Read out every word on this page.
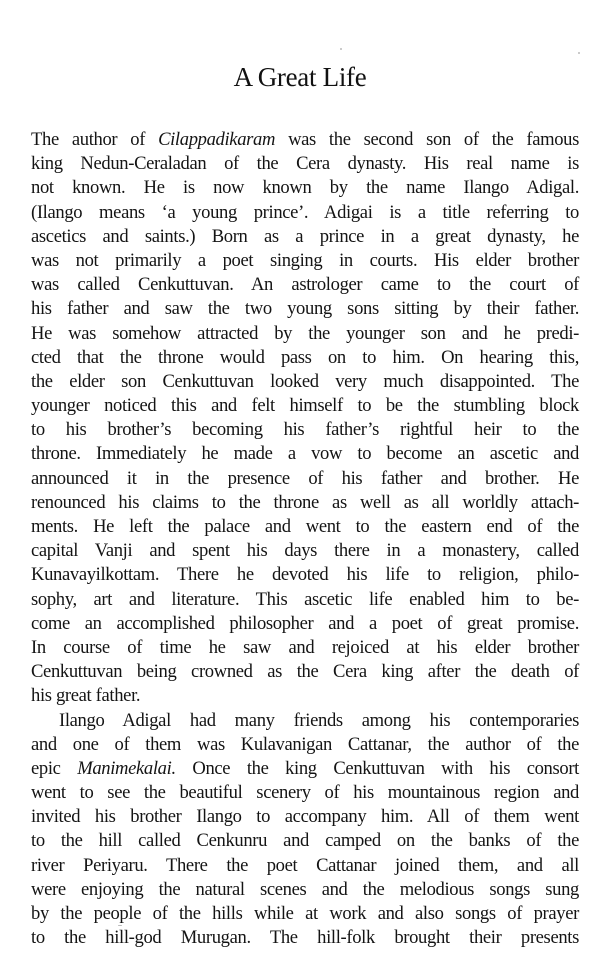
A Great Life
The author of Cilappadikaram was the second son of the famous
king Nedun-Ceraladan of the Cera dynasty. His real name is
not known. He is now known by the name Ilango Adigal.
(Ilango means ‘a young prince’. Adigai is a title referring to
ascetics and saints.) Born as a prince in a great dynasty, he
was not primarily a poet singing in courts. His elder brother
was called Cenkuttuvan. An astrologer came to the court of
his father and saw the two young sons sitting by their father.
He was somehow attracted by the younger son and he predi-
cted that the throne would pass on to him. On hearing this,
the elder son Cenkuttuvan looked very much disappointed. The
younger noticed this and felt himself to be the stumbling block
to his brother’s becoming his father’s rightful heir to the
throne. Immediately he made a vow to become an ascetic and
announced it in the presence of his father and brother. He
renounced his claims to the throne as well as all worldly attach-
ments. He left the palace and went to the eastern end of the
capital Vanji and spent his days there in a monastery, called
Kunavayilkottam. There he devoted his life to religion, philo-
sophy, art and literature. This ascetic life enabled him to be-
come an accomplished philosopher and a poet of great promise.
In course of time he saw and rejoiced at his elder brother
Cenkuttuvan being crowned as the Cera king after the death of
his great father.
Ilango Adigal had many friends among his contemporaries
and one of them was Kulavanigan Cattanar, the author of the
epic Manimekalai. Once the king Cenkuttuvan with his consort
went to see the beautiful scenery of his mountainous region and
invited his brother Ilango to accompany him. All of them went
to the hill called Cenkunru and camped on the banks of the
river Periyaru. There the poet Cattanar joined them, and all
were enjoying the natural scenes and the melodious songs sung
by the people of the hills while at work and also songs of prayer
to the hill-god Murugan. The hill-folk brought their presents
